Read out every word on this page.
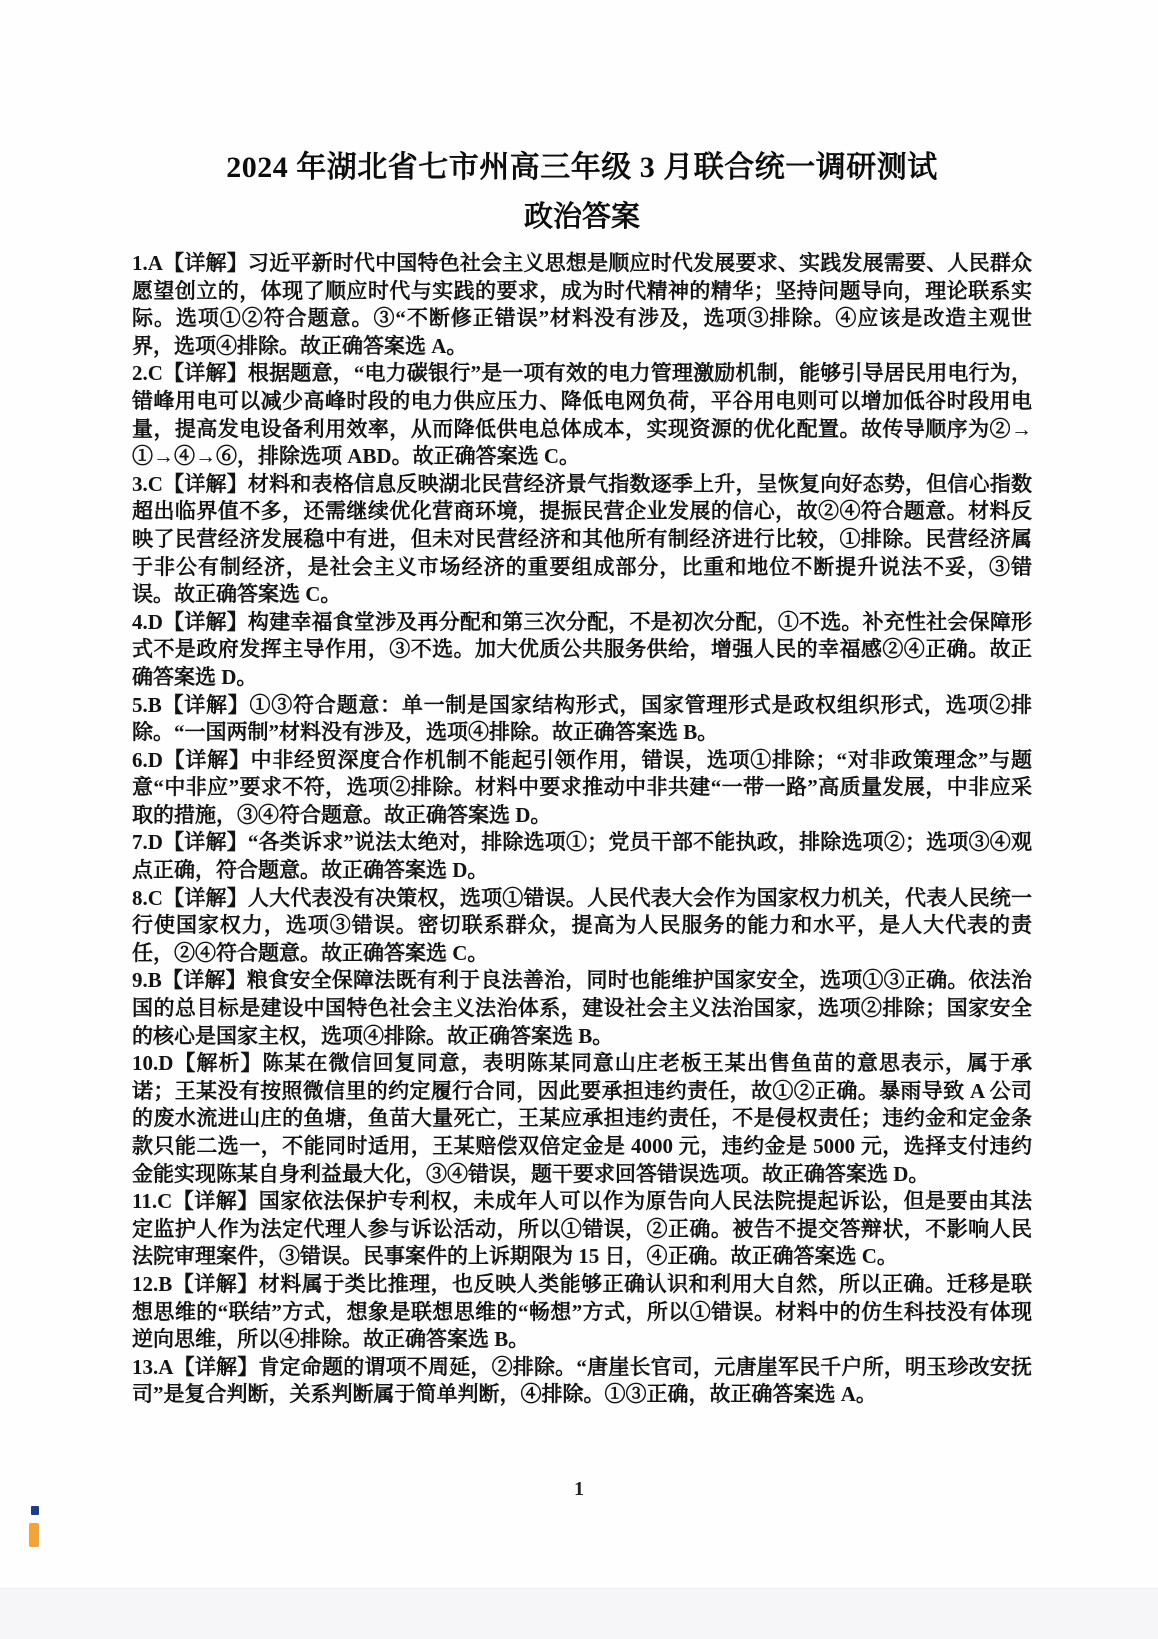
2024 年湖北省七市州高三年级 3 月联合统一调研测试
政治答案

1.A【详解】习近平新时代中国特色社会主义思想是顺应时代发展要求、实践发展需要、人民群众愿望创立的，体现了顺应时代与实践的要求，成为时代精神的精华；坚持问题导向，理论联系实际。选项①②符合题意。③“不断修正错误”材料没有涉及，选项③排除。④应该是改造主观世界，选项④排除。故正确答案选 A。

2.C【详解】根据题意，“电力碳银行”是一项有效的电力管理激励机制，能够引导居民用电行为，错峰用电可以减少高峰时段的电力供应压力、降低电网负荷，平谷用电则可以增加低谷时段用电量，提高发电设备利用效率，从而降低供电总体成本，实现资源的优化配置。故传导顺序为②→①→④→⑥，排除选项 ABD。故正确答案选 C。

3.C【详解】材料和表格信息反映湖北民营经济景气指数逐季上升，呈恢复向好态势，但信心指数超出临界值不多，还需继续优化营商环境，提振民营企业发展的信心，故②④符合题意。材料反映了民营经济发展稳中有进，但未对民营经济和其他所有制经济进行比较，①排除。民营经济属于非公有制经济，是社会主义市场经济的重要组成部分，比重和地位不断提升说法不妥，③错误。故正确答案选 C。

4.D【详解】构建幸福食堂涉及再分配和第三次分配，不是初次分配，①不选。补充性社会保障形式不是政府发挥主导作用，③不选。加大优质公共服务供给，增强人民的幸福感②④正确。故正确答案选 D。

5.B【详解】①③符合题意：单一制是国家结构形式，国家管理形式是政权组织形式，选项②排除。“一国两制”材料没有涉及，选项④排除。故正确答案选 B。

6.D【详解】中非经贸深度合作机制不能起引领作用，错误，选项①排除；“对非政策理念”与题意“中非应”要求不符，选项②排除。材料中要求推动中非共建“一带一路”高质量发展，中非应采取的措施，③④符合题意。故正确答案选 D。

7.D【详解】“各类诉求”说法太绝对，排除选项①；党员干部不能执政，排除选项②；选项③④观点正确，符合题意。故正确答案选 D。

8.C【详解】人大代表没有决策权，选项①错误。人民代表大会作为国家权力机关，代表人民统一行使国家权力，选项③错误。密切联系群众，提高为人民服务的能力和水平，是人大代表的责任，②④符合题意。故正确答案选 C。

9.B【详解】粮食安全保障法既有利于良法善治，同时也能维护国家安全，选项①③正确。依法治国的总目标是建设中国特色社会主义法治体系，建设社会主义法治国家，选项②排除；国家安全的核心是国家主权，选项④排除。故正确答案选 B。

10.D【解析】陈某在微信回复同意，表明陈某同意山庄老板王某出售鱼苗的意思表示，属于承诺；王某没有按照微信里的约定履行合同，因此要承担违约责任，故①②正确。暴雨导致 A 公司的废水流进山庄的鱼塘，鱼苗大量死亡，王某应承担违约责任，不是侵权责任；违约金和定金条款只能二选一，不能同时适用，王某赔偿双倍定金是 4000 元，违约金是 5000 元，选择支付违约金能实现陈某自身利益最大化，③④错误，题干要求回答错误选项。故正确答案选 D。

11.C【详解】国家依法保护专利权，未成年人可以作为原告向人民法院提起诉讼，但是要由其法定监护人作为法定代理人参与诉讼活动，所以①错误，②正确。被告不提交答辩状，不影响人民法院审理案件，③错误。民事案件的上诉期限为 15 日，④正确。故正确答案选 C。

12.B【详解】材料属于类比推理，也反映人类能够正确认识和利用大自然，所以正确。迁移是联想思维的“联结”方式，想象是联想思维的“畅想”方式，所以①错误。材料中的仿生科技没有体现逆向思维，所以④排除。故正确答案选 B。

13.A【详解】肯定命题的谓项不周延，②排除。“唐崖长官司，元唐崖军民千户所，明玉珍改安抚司”是复合判断，关系判断属于简单判断，④排除。①③正确，故正确答案选 A。

1
